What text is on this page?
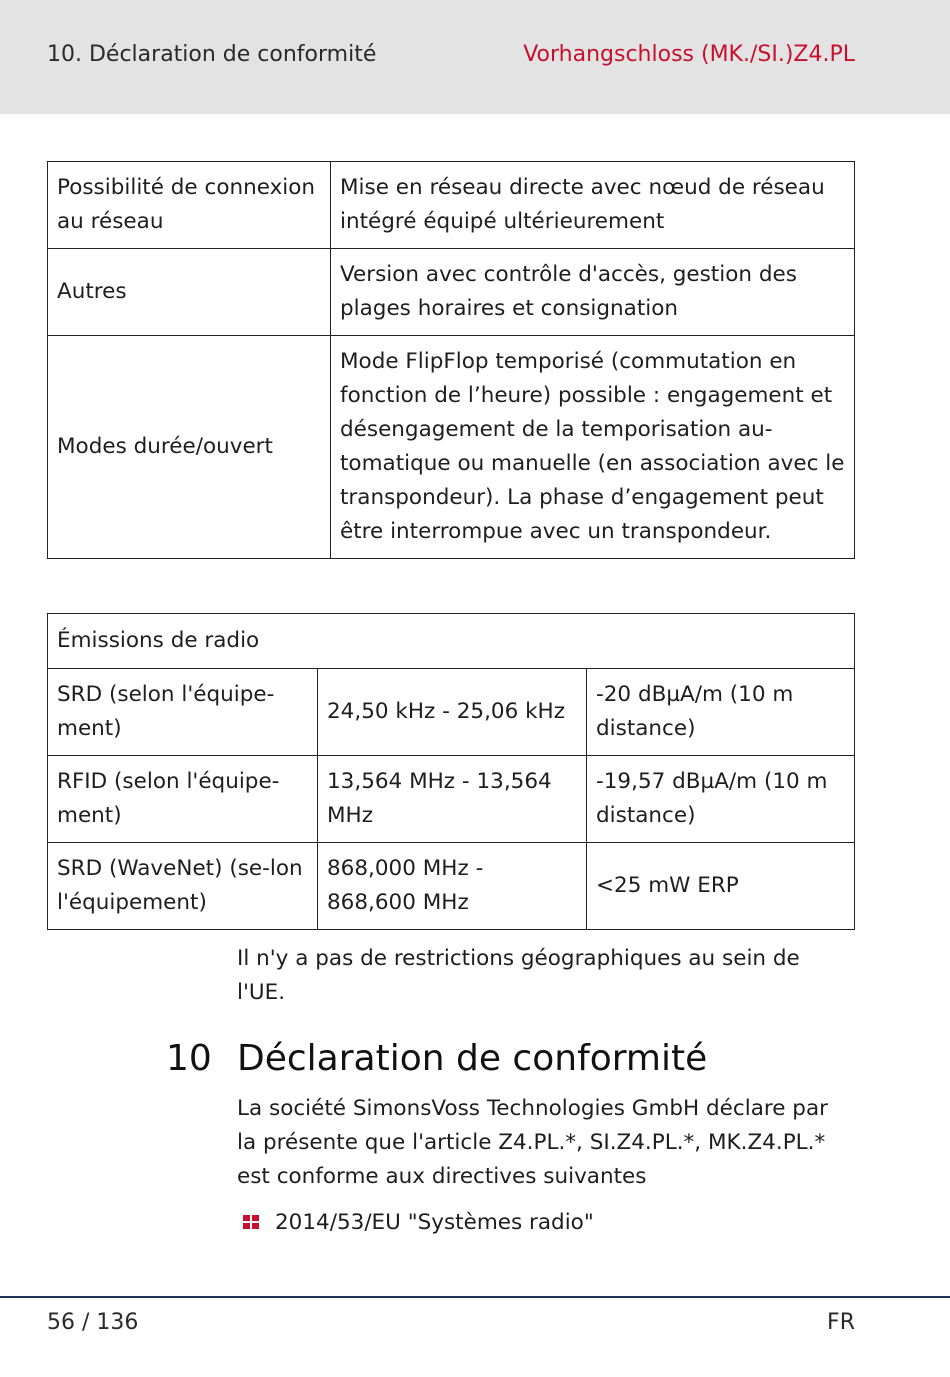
10. Déclaration de conformité	Vorhangschloss (MK./SI.)Z4.PL
Possibilité de connexion au réseau	Mise en réseau directe avec nœud de réseau intégré équipé ultérieurement
Autres	Version avec contrôle d'accès, gestion des plages horaires et consignation
Modes durée/ouvert	Mode FlipFlop temporisé (commutation en fonction de l’heure) possible : engagement et désengagement de la temporisation au-tomatique ou manuelle (en association avec le transpondeur). La phase d’engagement peut être interrompue avec un transpondeur.
Émissions de radio		
SRD (selon l'équipe-ment)	24,50 kHz - 25,06 kHz	-20 dBµA/m (10 m distance)
RFID (selon l'équipe-ment)	13,564 MHz - 13,564 MHz	-19,57 dBµA/m (10 m distance)
SRD (WaveNet) (se-lon l'équipement)	868,000 MHz - 868,600 MHz	<25 mW ERP
Il n'y a pas de restrictions géographiques au sein de l'UE.
10 Déclaration de conformité
La société SimonsVoss Technologies GmbH déclare par la présente que l'article Z4.PL.*, SI.Z4.PL.*, MK.Z4.PL.* est conforme aux directives suivantes
2014/53/EU "Systèmes radio"
56 / 136	FR
